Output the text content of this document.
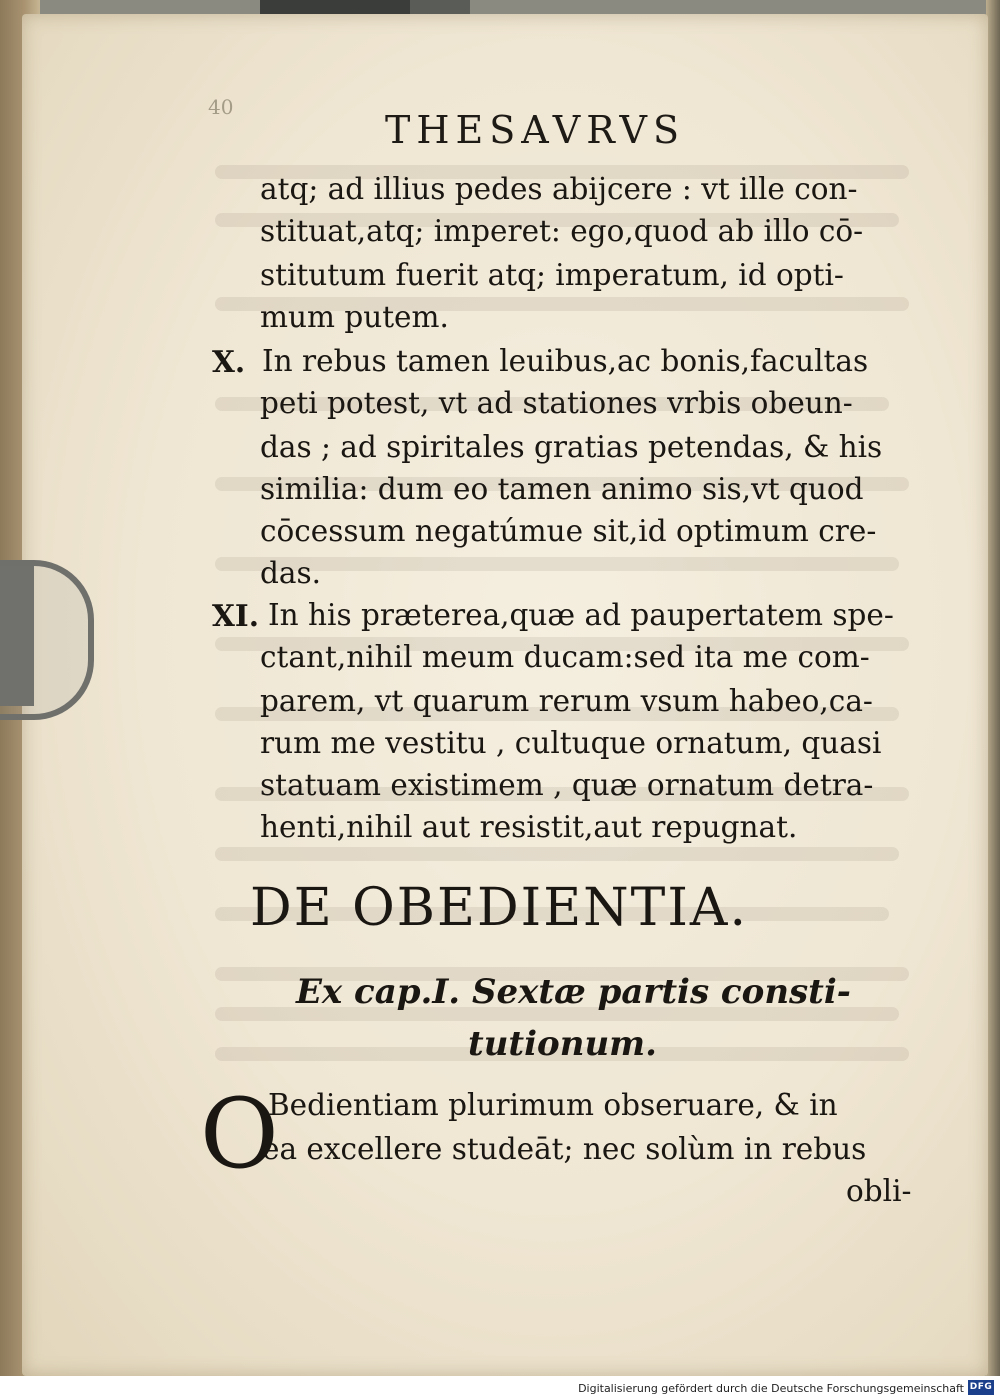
40
THESAVRVS
atq; ad illius pedes abijcere : vt ille con-
stituat,atq; imperet: ego,quod ab illo cō-
stitutum fuerit atq; imperatum, id opti-
mum putem.
X. In rebus tamen leuibus,ac bonis,facultas
peti potest, vt ad stationes vrbis obeun-
das ; ad spiritales gratias petendas, & his
similia: dum eo tamen animo sis,vt quod
cōcessum negatúmue sit,id optimum cre-
das.
XI. In his præterea,quæ ad paupertatem spe-
ctant,nihil meum ducam:sed ita me com-
parem, vt quarum rerum vsum habeo,ca-
rum me vestitu , cultuque ornatum, quasi
statuam existimem , quæ ornatum detra-
henti,nihil aut resistit,aut repugnat.
DE OBEDIENTIA.
Ex cap.I. Sextæ partis consti-
tutionum.
O
Bedientiam plurimum obseruare, & in
ea excellere studeāt; nec solùm in rebus
obli-
Digitalisierung gefördert durch die Deutsche Forschungsgemeinschaft DFG
